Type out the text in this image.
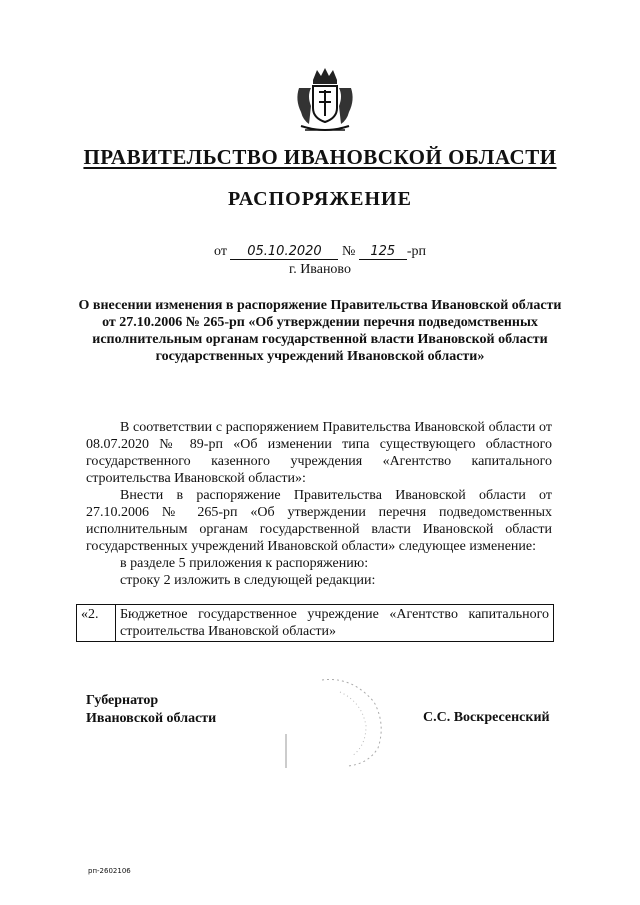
ПРАВИТЕЛЬСТВО ИВАНОВСКОЙ ОБЛАСТИ
РАСПОРЯЖЕНИЕ
от 05.10.2020 № 125 -рп
г. Иваново
О внесении изменения в распоряжение Правительства Ивановской области от 27.10.2006 № 265-рп «Об утверждении перечня подведомственных исполнительным органам государственной власти Ивановской области государственных учреждений Ивановской области»

В соответствии с распоряжением Правительства Ивановской области от 08.07.2020 № 89-рп «Об изменении типа существующего областного государственного казенного учреждения «Агентство капитального строительства Ивановской области»:

Внести в распоряжение Правительства Ивановской области от 27.10.2006 № 265-рп «Об утверждении перечня подведомственных исполнительным органам государственной власти Ивановской области государственных учреждений Ивановской области» следующее изменение:

в разделе 5 приложения к распоряжению:

строку 2 изложить в следующей редакции:

«2.	Бюджетное государственное учреждение «Агентство капитального строительства Ивановской области»
Губернатор
Ивановской области	С.С. Воскресенский
рп-2602106
